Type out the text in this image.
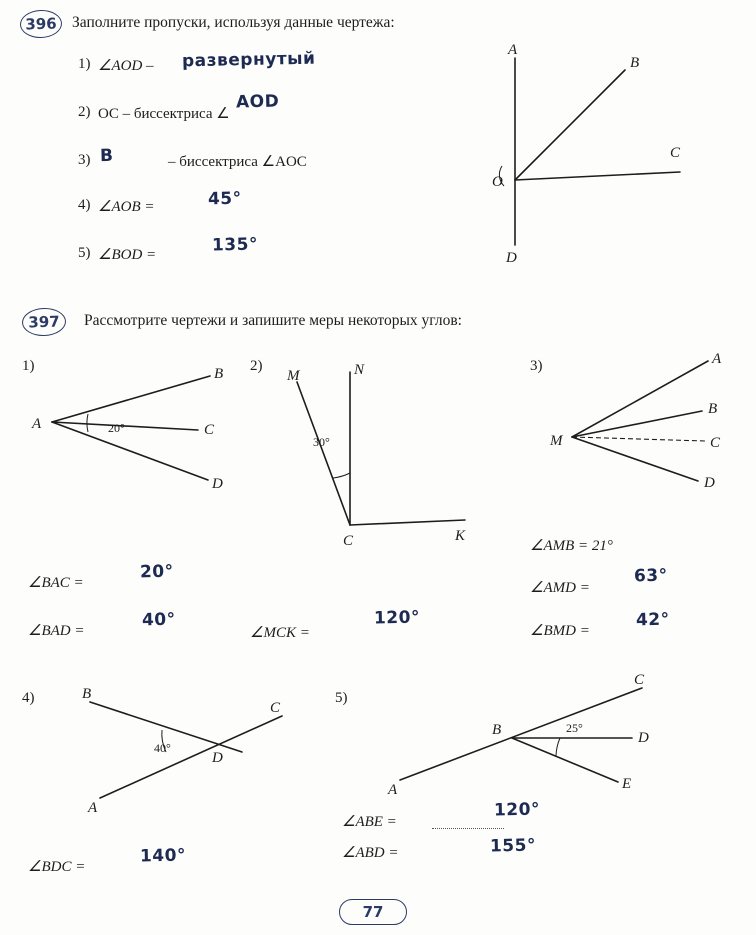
396 Заполните пропуски, используя данные чертежа:
1) ∠AOD – развернутый
2) OC – биссектриса ∠
AOD
3) B	– биссектриса ∠AOC
4) ∠AOB =	45°
5) ∠BOD =	135°
A
B
C
O
D
397 Рассмотрите чертежи и запишите меры некоторых углов:
1)
A
B
C
D
20°
2)
M	N
C	K
30°
3)
M
A
B
C
D
∠BAC =
20°
∠BAD =
40°
∠MCK =
120°
∠AMB = 21°
∠AMD =
63°
∠BMD =
42°
4)	B
C
D
A
40°
∠BDC =
140°
5)
C
B	D
E
A
25°
∠ABE =
120°
∠ABD =	155°
77
